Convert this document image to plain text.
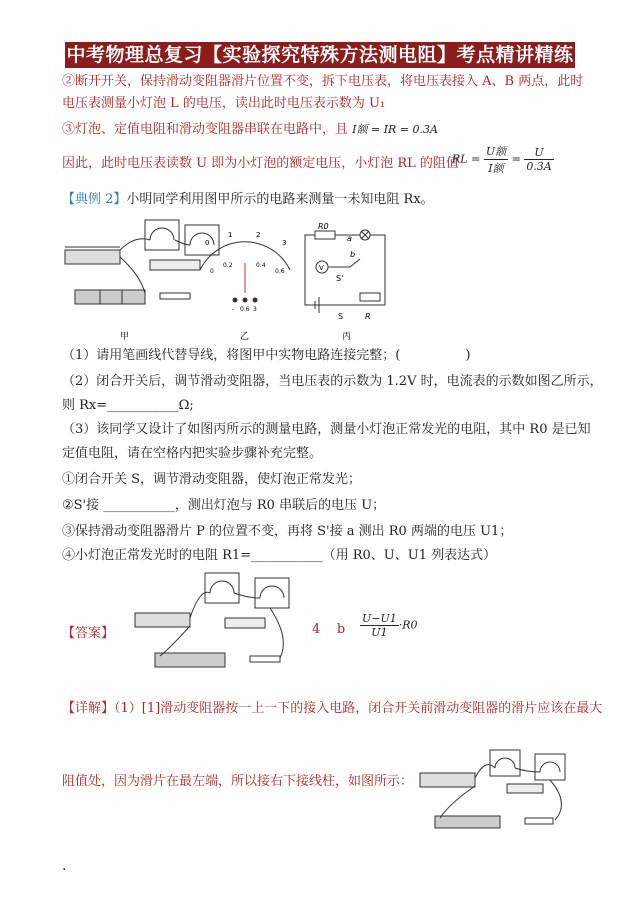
中考物理总复习【实验探究特殊方法测电阻】考点精讲精练
②断开开关，保持滑动变阻器滑片位置不变，拆下电压表，将电压表接入 A、B 两点，此时
电压表测量小灯泡 L 的电压，读出此时电压表示数为 U₁
③灯泡、定值电阻和滑动变阻器串联在电路中，且 I额 = IR = 0.3A
因此，此时电压表读数 U 即为小灯泡的额定电压，小灯泡 RL 的阻值
RL = $\frac{\text{U额}}{\text{I额}} = \frac{U}{0.3A}$
【典例 2】小明同学利用图甲所示的电路来测量一未知电阻 Rx。
0
1	2
3
0
0.2	0.4
0.6
- 0.6 3
R0
a
b
V
S'
S	R
甲	乙	丙
（1）请用笔画线代替导线，将图甲中实物电路连接完整；(　　　　　)
（2）闭合开关后，调节滑动变阻器，当电压表的示数为 1.2V 时，电流表的示数如图乙所示，
则 Rx=___________Ω;
（3）该同学又设计了如图丙所示的测量电路，测量小灯泡正常发光的电阻，其中 R0 是已知
定值电阻，请在空格内把实验步骤补充完整。
①闭合开关 S，调节滑动变阻器，使灯泡正常发光；
②S'接 ___________，测出灯泡与 R0 串联后的电压 U；
③保持滑动变阻器滑片 P 的位置不变，再将 S'接 a 测出 R0 两端的电压 U1；
④小灯泡正常发光时的电阻 R1=___________（用 R0、U、U1 列表达式）
【答案】	4 b $\frac{U-U1}{U1} \cdot R0$
【详解】（1）[1]滑动变阻器按一上一下的接入电路，闭合开关前滑动变阻器的滑片应该在最大
阻值处，因为滑片在最左端，所以接右下接线柱，如图所示：
.
